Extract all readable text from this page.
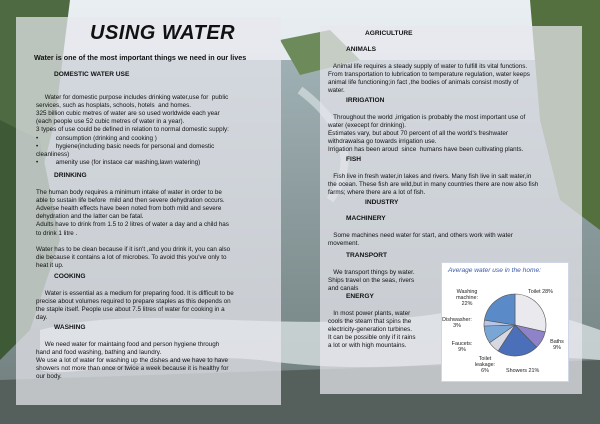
USING WATER
Water is one of the most important things we need in our lives
DOMESTIC WATER USE

Water for domestic purpose includes drinking water,use for  public
services, such as hosplats, schools, hotels  and homes.
325 billion cubic metres of water are so used worldwide each year
(each people use 52 cubic metres of water in a year).
3 types of use could be defined in relation to normal domestic supply:
•          consumption (drinking and cooking )
•          hygiene(including basic needs for personal and domestic
cleanliness)
•          amenity use (for instace car washing,lawn watering)

DRINKING

The human body requires a minimum intake of water in order to be
able to sustain life before  mild and then severe dehydration occurs.
Adverse health effects have been noted from both mild and severe
dehydration and the latter can be fatal.
Adults have to drink from 1.5 to 2 litres of water a day and a child has
to drink 1 litre .
Water has to be clean because if it isn't ,and you drink it, you can also
die because it contains a lot of microbes. To avoid this you've only to
heat it up.

COOKING

Water is essential as a medium for preparing food. It is difficult to be
precise about volumes required to prepare staples as this depends on
the staple itself. People use about 7.5 litres of water for cooking in a
day.

WASHING

We need water for maintaing food and person hygiene through
hand and food washing, bathing and laundry.
We use a lot of water for washing up the dishes and we have to have
showers not more than once or twice a week because it is healthy for
our body.

AGRICULTURE
ANIMALS

Animal life requires a steady supply of water to fulfill its vital functions.
From transportation to lubrication to temperature regulation, water keeps
animal life functioning;in fact ,the bodies of animals consist mostly of
water.

IRRIGATION

Throughout the world ,irrigation is probably the most important use of
water (execept for drinking).
Estimates vary, but about 70 percent of all the world's freshwater
withdrawalsa go towards irrigation use.
Irrigation has been aroud  since  humans have been cultivating plants.

FISH

Fish live in fresh water,in lakes and rivers. Many fish live in salt water,in
the ocean. These fish are wild,but in many countries there are now also fish
farms; where there are a lot of fish.

INDUSTRY
MACHINERY

Some machines need water for start, and others work with water
movement.

TRANSPORT

We transport things by water.
Ships travel on the seas, rivers
and canals

ENERGY

In most power plants, water
cools the steam that spins the
electricity-generation turbines.
It can be possible only if it rains
a lot or with high mountains.

Average water use in the home:
Toilet 28%
Baths 9%
Showers 21%
Toilet
leakage:
6%
Faucets:
9%
Dishwasher:
3%
Washing
machine:
22%
